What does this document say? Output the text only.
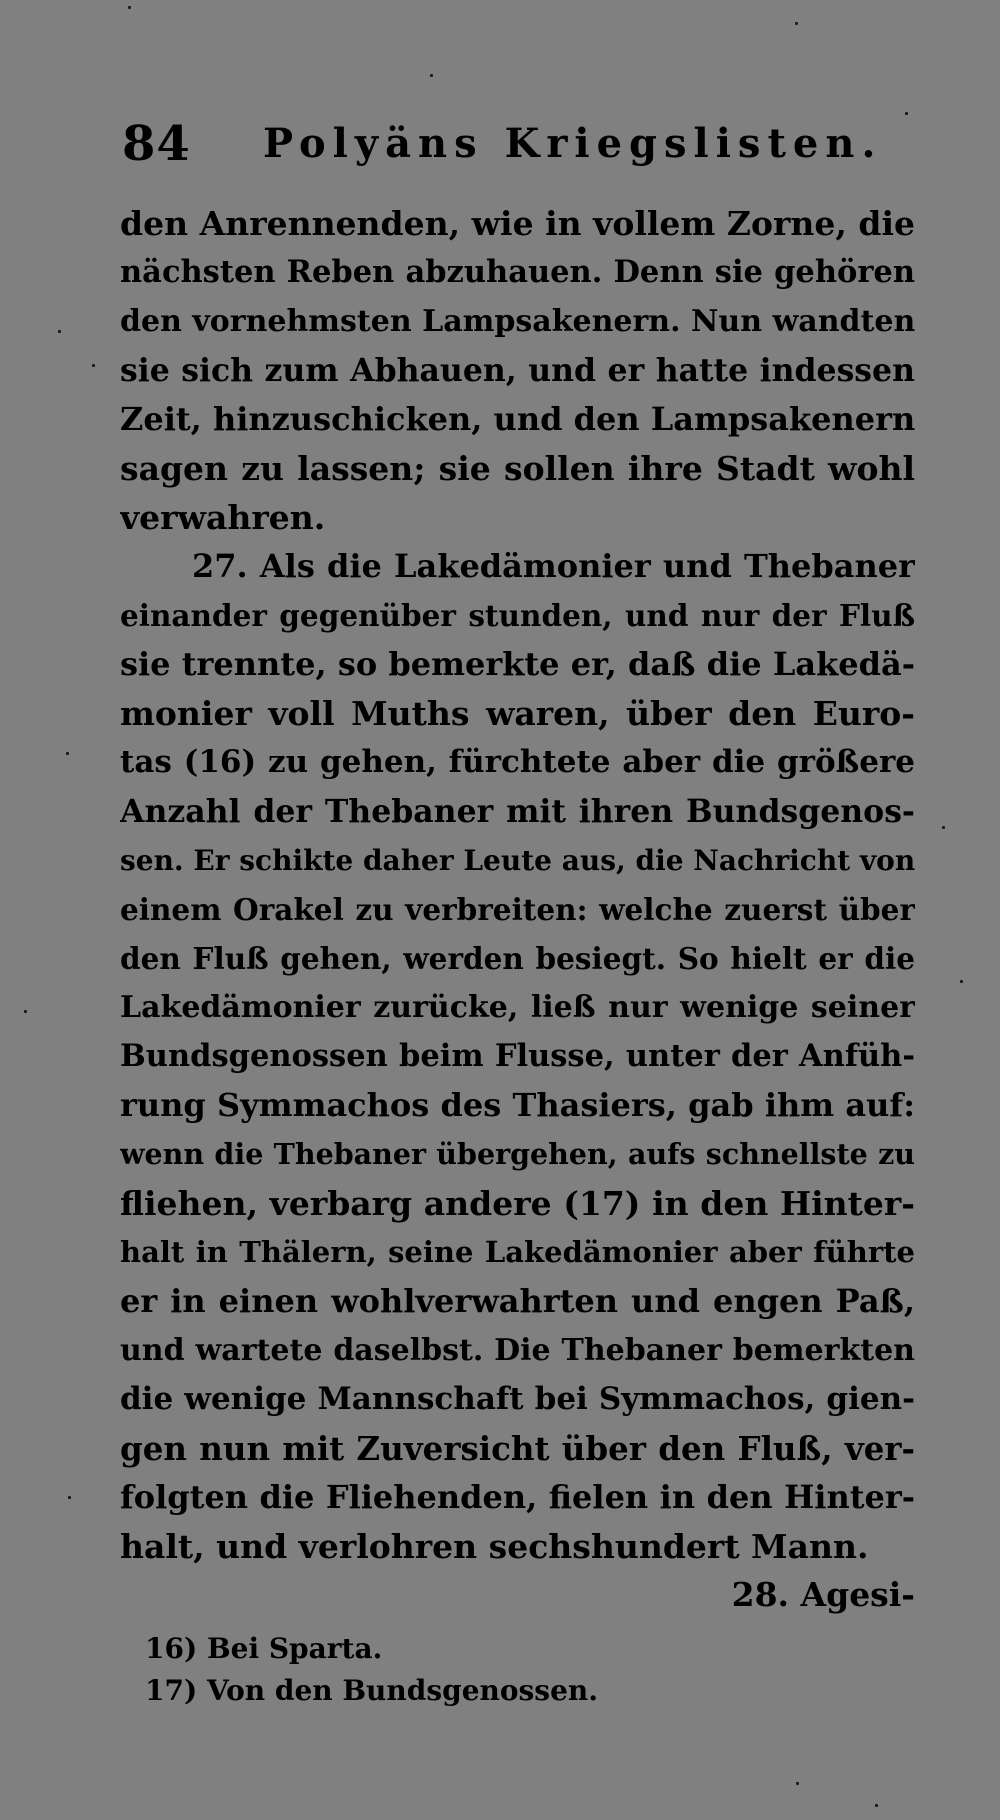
84 Polyäns Kriegslisten.
den Anrennenden, wie in vollem Zorne, die
nächsten Reben abzuhauen. Denn sie gehören
den vornehmsten Lampsakenern. Nun wandten
sie sich zum Abhauen, und er hatte indessen
Zeit, hinzuschicken, und den Lampsakenern
sagen zu lassen; sie sollen ihre Stadt wohl
verwahren.
27. Als die Lakedämonier und Thebaner
einander gegenüber stunden, und nur der Fluß
sie trennte, so bemerkte er, daß die Lakedä-
monier voll Muths waren, über den Euro-
tas (16) zu gehen, fürchtete aber die größere
Anzahl der Thebaner mit ihren Bundsgenos-
sen. Er schikte daher Leute aus, die Nachricht von
einem Orakel zu verbreiten: welche zuerst über
den Fluß gehen, werden besiegt. So hielt er die
Lakedämonier zurücke, ließ nur wenige seiner
Bundsgenossen beim Flusse, unter der Anfüh-
rung Symmachos des Thasiers, gab ihm auf:
wenn die Thebaner übergehen, aufs schnellste zu
fliehen, verbarg andere (17) in den Hinter-
halt in Thälern, seine Lakedämonier aber führte
er in einen wohlverwahrten und engen Paß,
und wartete daselbst. Die Thebaner bemerkten
die wenige Mannschaft bei Symmachos, gien-
gen nun mit Zuversicht über den Fluß, ver-
folgten die Fliehenden, fielen in den Hinter-
halt, und verlohren sechshundert Mann.
28. Agesi-
16) Bei Sparta.
17) Von den Bundsgenossen.
